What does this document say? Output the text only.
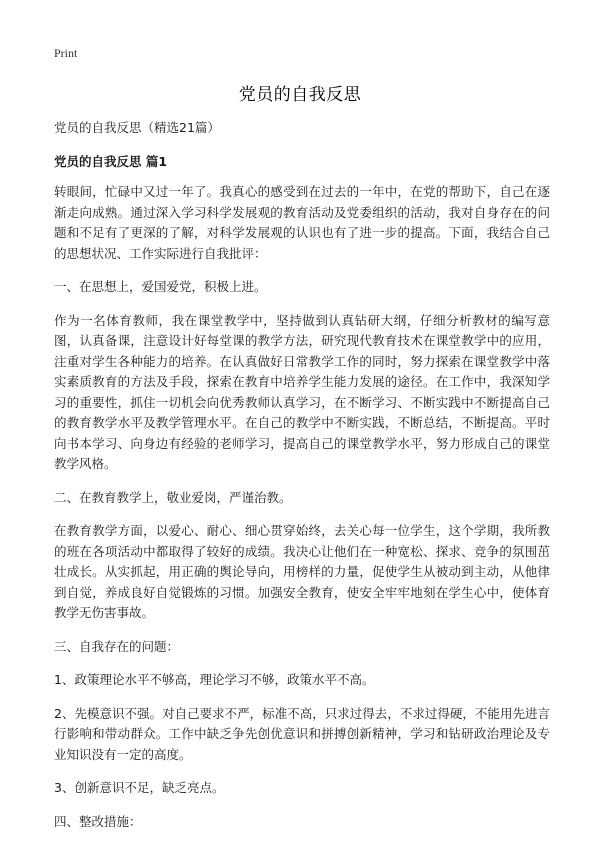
Print
党员的自我反思

党员的自我反思（精选21篇）

党员的自我反思 篇1

转眼间，忙碌中又过一年了。我真心的感受到在过去的一年中，在党的帮助下，自己在逐渐走向成熟。通过深入学习科学发展观的教育活动及党委组织的活动，我对自身存在的问题和不足有了更深的了解，对科学发展观的认识也有了进一步的提高。下面，我结合自己的思想状况、工作实际进行自我批评：

一、在思想上，爱国爱党，积极上进。

作为一名体育教师，我在课堂教学中，坚持做到认真钻研大纲，仔细分析教材的编写意图，认真备课，注意设计好每堂课的教学方法，研究现代教育技术在课堂教学中的应用，注重对学生各种能力的培养。在认真做好日常教学工作的同时，努力探索在课堂教学中落实素质教育的方法及手段，探索在教育中培养学生能力发展的途径。在工作中，我深知学习的重要性，抓住一切机会向优秀教师认真学习，在不断学习、不断实践中不断提高自己的教育教学水平及教学管理水平。在自己的教学中不断实践，不断总结，不断提高。平时向书本学习、向身边有经验的老师学习，提高自己的课堂教学水平，努力形成自己的课堂教学风格。

二、在教育教学上，敬业爱岗，严谨治教。

在教育教学方面，以爱心、耐心、细心贯穿始终，去关心每一位学生，这个学期，我所教的班在各项活动中都取得了较好的成绩。我决心让他们在一种宽松、探求、竞争的氛围茁壮成长。从实抓起，用正确的舆论导向，用榜样的力量，促使学生从被动到主动，从他律到自觉，养成良好自觉锻炼的习惯。加强安全教育，使安全牢牢地刻在学生心中，使体育教学无伤害事故。

三、自我存在的问题：

1、政策理论水平不够高，理论学习不够，政策水平不高。

2、先模意识不强。对自己要求不严，标准不高，只求过得去，不求过得硬，不能用先进言行影响和带动群众。工作中缺乏争先创优意识和拼搏创新精神，学习和钻研政治理论及专业知识没有一定的高度。

3、创新意识不足，缺乏亮点。

四、整改措施：
